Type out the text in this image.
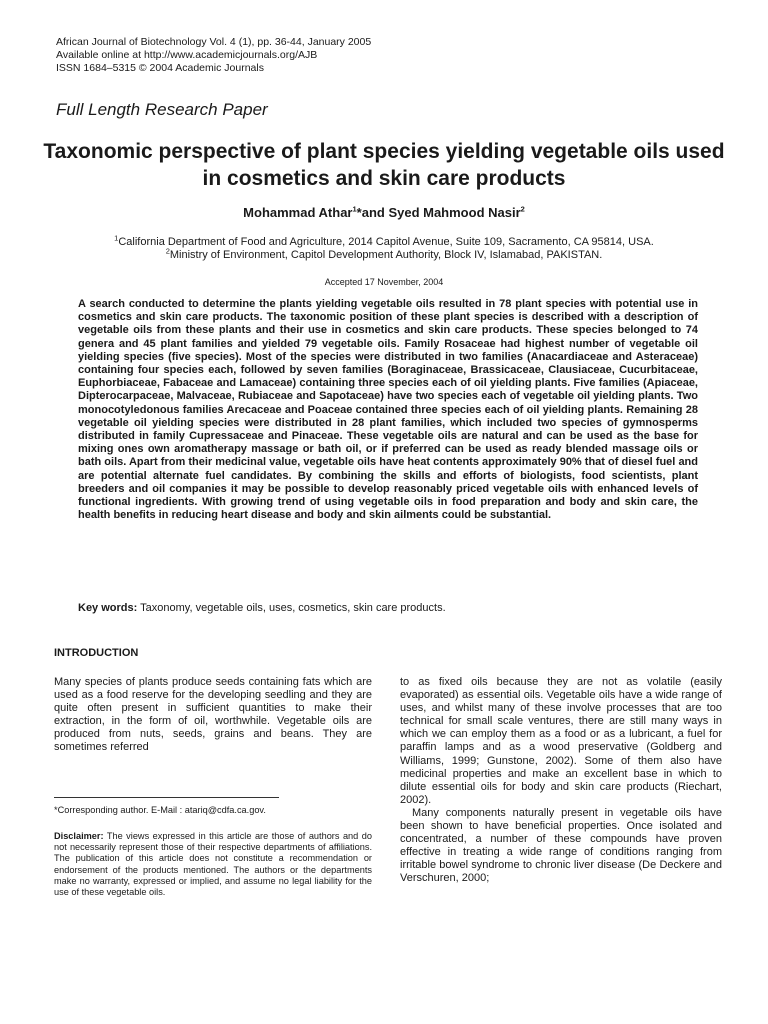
African Journal of Biotechnology Vol. 4 (1), pp. 36-44, January 2005
Available online at http://www.academicjournals.org/AJB
ISSN 1684–5315 © 2004 Academic Journals
Full Length Research Paper
Taxonomic perspective of plant species yielding vegetable oils used in cosmetics and skin care products
Mohammad Athar$^1$*and Syed Mahmood Nasir$^2$
$^1$California Department of Food and Agriculture, 2014 Capitol Avenue, Suite 109, Sacramento, CA 95814, USA.
$^2$Ministry of Environment, Capitol Development Authority, Block IV, Islamabad, PAKISTAN.
Accepted 17 November, 2004
A search conducted to determine the plants yielding vegetable oils resulted in 78 plant species with potential use in cosmetics and skin care products. The taxonomic position of these plant species is described with a description of vegetable oils from these plants and their use in cosmetics and skin care products. These species belonged to 74 genera and 45 plant families and yielded 79 vegetable oils. Family Rosaceae had highest number of vegetable oil yielding species (five species). Most of the species were distributed in two families (Anacardiaceae and Asteraceae) containing four species each, followed by seven families (Boraginaceae, Brassicaceae, Clausiaceae, Cucurbitaceae, Euphorbiaceae, Fabaceae and Lamaceae) containing three species each of oil yielding plants. Five families (Apiaceae, Dipterocarpaceae, Malvaceae, Rubiaceae and Sapotaceae) have two species each of vegetable oil yielding plants. Two monocotyledonous families Arecaceae and Poaceae contained three species each of oil yielding plants. Remaining 28 vegetable oil yielding species were distributed in 28 plant families, which included two species of gymnosperms distributed in family Cupressaceae and Pinaceae. These vegetable oils are natural and can be used as the base for mixing ones own aromatherapy massage or bath oil, or if preferred can be used as ready blended massage oils or bath oils. Apart from their medicinal value, vegetable oils have heat contents approximately 90% that of diesel fuel and are potential alternate fuel candidates. By combining the skills and efforts of biologists, food scientists, plant breeders and oil companies it may be possible to develop reasonably priced vegetable oils with enhanced levels of functional ingredients. With growing trend of using vegetable oils in food preparation and body and skin care, the health benefits in reducing heart disease and body and skin ailments could be substantial.
Key words: Taxonomy, vegetable oils, uses, cosmetics, skin care products.
INTRODUCTION
Many species of plants produce seeds containing fats which are used as a food reserve for the developing seedling and they are quite often present in sufficient quantities to make their extraction, in the form of oil, worthwhile. Vegetable oils are produced from nuts, seeds, grains and beans. They are sometimes referred
*Corresponding author. E-Mail : atariq@cdfa.ca.gov.
Disclaimer: The views expressed in this article are those of authors and do not necessarily represent those of their respective departments of affiliations. The publication of this article does not constitute a recommendation or endorsement of the products mentioned. The authors or the departments make no warranty, expressed or implied, and assume no legal liability for the use of these vegetable oils.

to as fixed oils because they are not as volatile (easily evaporated) as essential oils. Vegetable oils have a wide range of uses, and whilst many of these involve processes that are too technical for small scale ventures, there are still many ways in which we can employ them as a food or as a lubricant, a fuel for paraffin lamps and as a wood preservative (Goldberg and Williams, 1999; Gunstone, 2002). Some of them also have medicinal properties and make an excellent base in which to dilute essential oils for body and skin care products (Riechart, 2002).

Many components naturally present in vegetable oils have been shown to have beneficial properties. Once isolated and concentrated, a number of these compounds have proven effective in treating a wide range of conditions ranging from irritable bowel syndrome to chronic liver disease (De Deckere and Verschuren, 2000;
